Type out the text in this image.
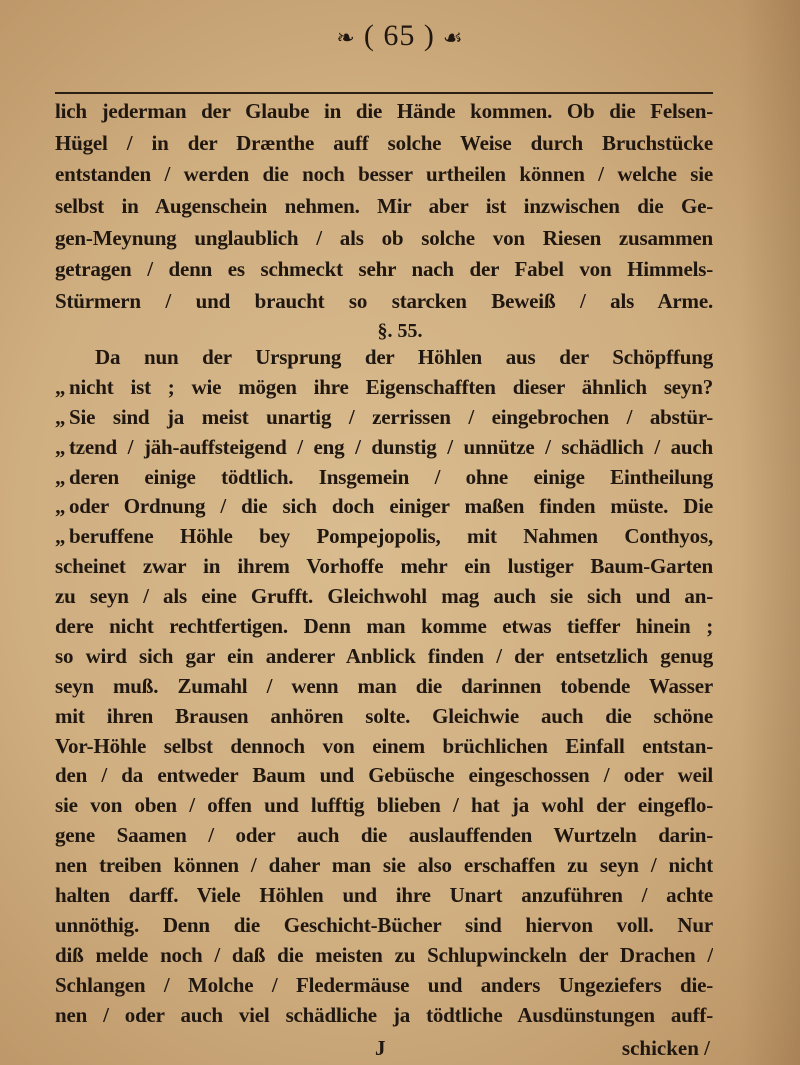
❧ ( 65 ) ☙
lich jederman der Glaube in die Hände kommen. Ob die Felsen-
Hügel / in der Drænthe auff solche Weise durch Bruchstücke
entstanden / werden die noch besser urtheilen können / welche sie
selbst in Augenschein nehmen. Mir aber ist inzwischen die Ge-
gen-Meynung unglaublich / als ob solche von Riesen zusammen
getragen / denn es schmeckt sehr nach der Fabel von Himmels-
Stürmern / und braucht so starcken Beweiß / als Arme.
§. 55.
Da nun der Ursprung der Höhlen aus der Schöpffung
„ nicht ist ; wie mögen ihre Eigenschafften dieser ähnlich seyn?
„ Sie sind ja meist unartig / zerrissen / eingebrochen / abstür-
„ tzend / jäh-auffsteigend / eng / dunstig / unnütze / schädlich / auch
„ deren einige tödtlich. Insgemein / ohne einige Eintheilung
„ oder Ordnung / die sich doch einiger maßen finden müste. Die
„ beruffene Höhle bey Pompejopolis, mit Nahmen Conthyos,
scheinet zwar in ihrem Vorhoffe mehr ein lustiger Baum-Garten
zu seyn / als eine Grufft. Gleichwohl mag auch sie sich und an-
dere nicht rechtfertigen. Denn man komme etwas tieffer hinein ;
so wird sich gar ein anderer Anblick finden / der entsetzlich genug
seyn muß. Zumahl / wenn man die darinnen tobende Wasser
mit ihren Brausen anhören solte. Gleichwie auch die schöne
Vor-Höhle selbst dennoch von einem brüchlichen Einfall entstan-
den / da entweder Baum und Gebüsche eingeschossen / oder weil
sie von oben / offen und lufftig blieben / hat ja wohl der eingeflo-
gene Saamen / oder auch die auslauffenden Wurtzeln darin-
nen treiben können / daher man sie also erschaffen zu seyn / nicht
halten darff. Viele Höhlen und ihre Unart anzuführen / achte
unnöthig. Denn die Geschicht-Bücher sind hiervon voll. Nur
diß melde noch / daß die meisten zu Schlupwinckeln der Drachen /
Schlangen / Molche / Fledermäuse und anders Ungeziefers die-
nen / oder auch viel schädliche ja tödtliche Ausdünstungen auff-
J	schicken /
